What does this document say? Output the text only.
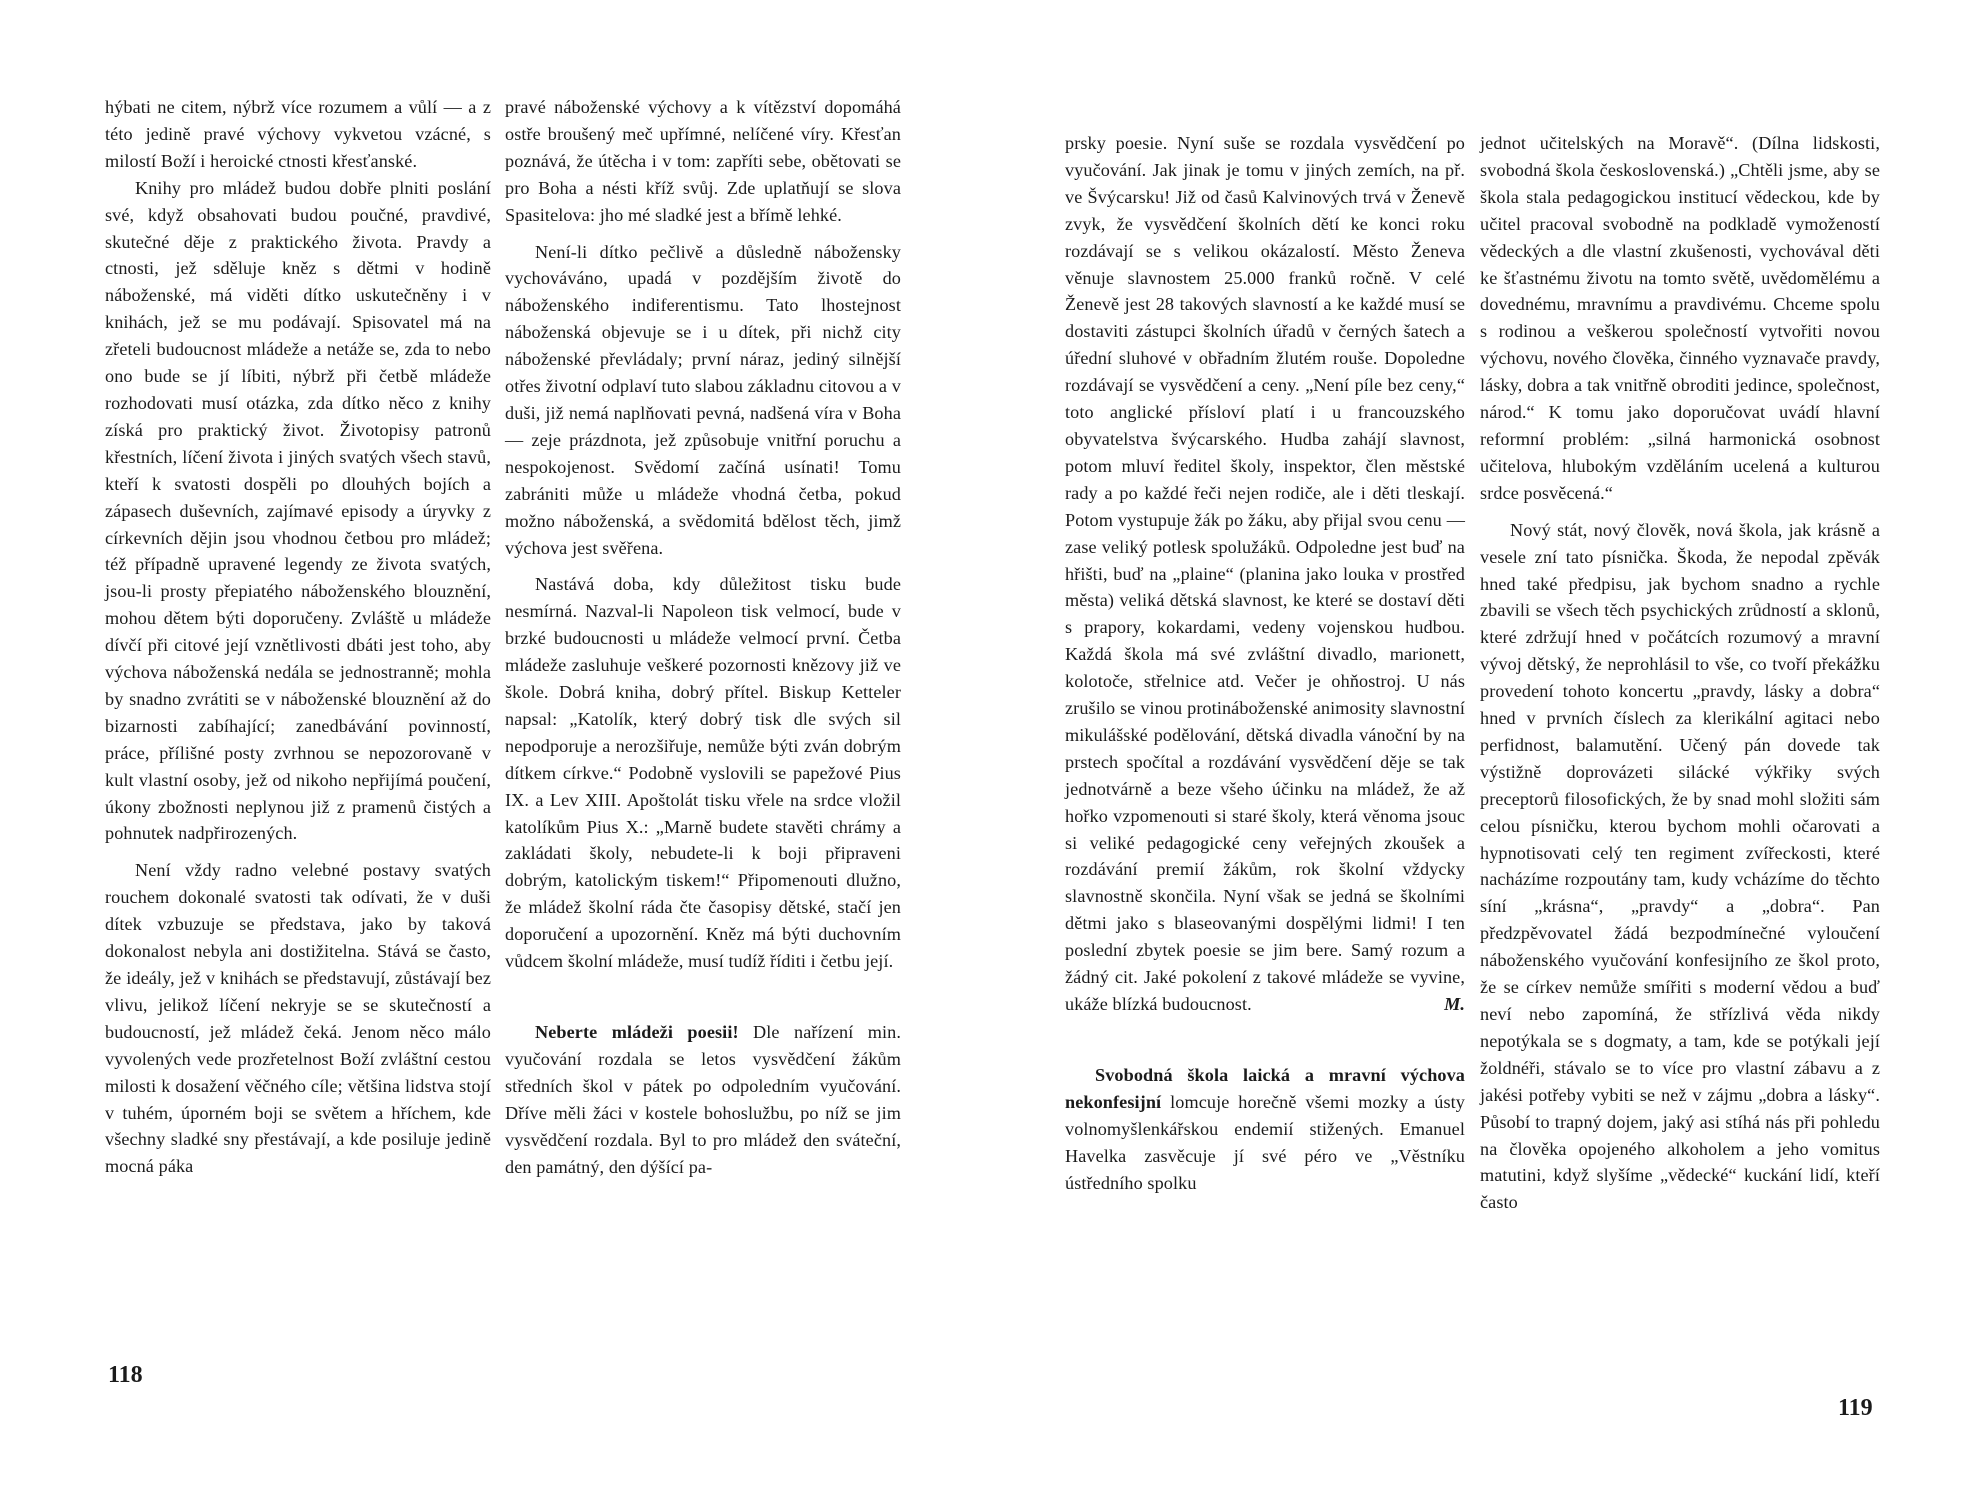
hýbati ne citem, nýbrž více rozumem a vůlí — a z této jedině pravé výchovy vykvetou vzácné, s milostí Boží i heroické ctnosti křesťanské.

Knihy pro mládež budou dobře plniti poslání své, když obsahovati budou poučné, pravdivé, skutečné děje z praktického života. Pravdy a ctnosti, jež sděluje kněz s dětmi v hodině náboženské, má viděti dítko uskutečněny i v knihách, jež se mu podávají. Spisovatel má na zřeteli budoucnost mládeže a netáže se, zda to nebo ono bude se jí líbiti, nýbrž při četbě mládeže rozhodovati musí otázka, zda dítko něco z knihy získá pro praktický život. Životopisy patronů křestních, líčení života i jiných svatých všech stavů, kteří k svatosti dospěli po dlouhých bojích a zápasech duševních, zajímavé episody a úryvky z církevních dějin jsou vhodnou četbou pro mládež; též případně upravené legendy ze života svatých, jsou-li prosty přepiatého náboženského blouznění, mohou dětem býti doporučeny. Zvláště u mládeže dívčí při citové její vznětlivosti dbáti jest toho, aby výchova náboženská nedála se jednostranně; mohla by snadno zvrátiti se v náboženské blouznění až do bizarnosti zabíhající; zanedbávání povinností, práce, přílišné posty zvrhnou se nepozorovaně v kult vlastní osoby, jež od nikoho nepřijímá poučení, úkony zbožnosti neplynou již z pramenů čistých a pohnutek nadpřirozených.

Není vždy radno velebné postavy svatých rouchem dokonalé svatosti tak odívati, že v duši dítek vzbuzuje se představa, jako by taková dokonalost nebyla ani dostižitelna. Stává se často, že ideály, jež v knihách se představují, zůstávají bez vlivu, jelikož líčení nekryje se se skutečností a budoucností, jež mládež čeká. Jenom něco málo vyvolených vede prozřetelnost Boží zvláštní cestou milosti k dosažení věčného cíle; většina lidstva stojí v tuhém, úporném boji se světem a hříchem, kde všechny sladké sny přestávají, a kde posiluje jedině mocná páka

pravé náboženské výchovy a k vítězství dopomáhá ostře broušený meč upřímné, nelíčené víry. Křesťan poznává, že útěcha i v tom: zapříti sebe, obětovati se pro Boha a nésti kříž svůj. Zde uplatňují se slova Spasitelova: jho mé sladké jest a břímě lehké.

Není-li dítko pečlivě a důsledně nábožensky vychováváno, upadá v pozdějším životě do náboženského indiferentismu. Tato lhostejnost náboženská objevuje se i u dítek, při nichž city náboženské převládaly; první náraz, jediný silnější otřes životní odplaví tuto slabou základnu citovou a v duši, již nemá naplňovati pevná, nadšená víra v Boha — zeje prázdnota, jež způsobuje vnitřní poruchu a nespokojenost. Svědomí začíná usínati! Tomu zabrániti může u mládeže vhodná četba, pokud možno náboženská, a svědomitá bdělost těch, jimž výchova jest svěřena.

Nastává doba, kdy důležitost tisku bude nesmírná. Nazval-li Napoleon tisk velmocí, bude v brzké budoucnosti u mládeže velmocí první. Četba mládeže zasluhuje veškeré pozornosti knězovy již ve škole. Dobrá kniha, dobrý přítel. Biskup Ketteler napsal: „Katolík, který dobrý tisk dle svých sil nepodporuje a nerozšiřuje, nemůže býti zván dobrým dítkem církve.“ Podobně vyslovili se papežové Pius IX. a Lev XIII. Apoštolát tisku vřele na srdce vložil katolíkům Pius X.: „Marně budete stavěti chrámy a zakládati školy, nebudete-li k boji připraveni dobrým, katolickým tiskem!“ Připomenouti dlužno, že mládež školní ráda čte časopisy dětské, stačí jen doporučení a upozornění. Kněz má býti duchovním vůdcem školní mládeže, musí tudíž říditi i četbu její.

Neberte mládeži poesii! Dle nařízení min. vyučování rozdala se letos vysvědčení žákům středních škol v pátek po odpoledním vyučování. Dříve měli žáci v kostele bohoslužbu, po níž se jim vysvědčení rozdala. Byl to pro mládež den sváteční, den památný, den dýšící pa-

118

prsky poesie. Nyní suše se rozdala vysvědčení po vyučování. Jak jinak je tomu v jiných zemích, na př. ve Švýcarsku! Již od časů Kalvinových trvá v Ženevě zvyk, že vysvědčení školních dětí ke konci roku rozdávají se s velikou okázalostí. Město Ženeva věnuje slavnostem 25.000 franků ročně. V celé Ženevě jest 28 takových slavností a ke každé musí se dostaviti zástupci školních úřadů v černých šatech a úřední sluhové v obřadním žlutém rouše. Dopoledne rozdávají se vysvědčení a ceny. „Není píle bez ceny,“ toto anglické přísloví platí i u francouzského obyvatelstva švýcarského. Hudba zahájí slavnost, potom mluví ředitel školy, inspektor, člen městské rady a po každé řeči nejen rodiče, ale i děti tleskají. Potom vystupuje žák po žáku, aby přijal svou cenu — zase veliký potlesk spolužáků. Odpoledne jest buď na hřišti, buď na „plaine“ (planina jako louka v prostřed města) veliká dětská slavnost, ke které se dostaví děti s prapory, kokardami, vedeny vojenskou hudbou. Každá škola má své zvláštní divadlo, marionett, kolotoče, střelnice atd. Večer je ohňostroj. U nás zrušilo se vinou protináboženské animosity slavnostní mikulášské podělování, dětská divadla vánoční by na prstech spočítal a rozdávání vysvědčení děje se tak jednotvárně a beze všeho účinku na mládež, že až hořko vzpomenouti si staré školy, která věnoma jsouc si veliké pedagogické ceny veřejných zkoušek a rozdávání premií žákům, rok školní vždycky slavnostně skončila. Nyní však se jedná se školními dětmi jako s blaseovanými dospělými lidmi! I ten poslední zbytek poesie se jim bere. Samý rozum a žádný cit. Jaké pokolení z takové mládeže se vyvine, ukáže blízká budoucnost.	M.

Svobodná škola laická a mravní výchova nekonfesijní lomcuje horečně všemi mozky a ústy volnomyšlenkářskou endemií stižených. Emanuel Havelka zasvěcuje jí své péro ve „Věstníku ústředního spolku

jednot učitelských na Moravě“. (Dílna lidskosti, svobodná škola československá.) „Chtěli jsme, aby se škola stala pedagogickou institucí vědeckou, kde by učitel pracoval svobodně na podkladě vymožeností vědeckých a dle vlastní zkušenosti, vychovával děti ke šťastnému životu na tomto světě, uvědomělému a dovednému, mravnímu a pravdivému. Chceme spolu s rodinou a veškerou společností vytvořiti novou výchovu, nového člověka, činného vyznavače pravdy, lásky, dobra a tak vnitřně obroditi jedince, společnost, národ.“ K tomu jako doporučovat uvádí hlavní reformní problém: „silná harmonická osobnost učitelova, hlubokým vzděláním ucelená a kulturou srdce posvěcená.“

Nový stát, nový člověk, nová škola, jak krásně a vesele zní tato písnička. Škoda, že nepodal zpěvák hned také předpisu, jak bychom snadno a rychle zbavili se všech těch psychických zrůdností a sklonů, které zdržují hned v počátcích rozumový a mravní vývoj dětský, že neprohlásil to vše, co tvoří překážku provedení tohoto koncertu „pravdy, lásky a dobra“ hned v prvních číslech za klerikální agitaci nebo perfidnost, balamutění. Učený pán dovede tak výstižně doprovázeti silácké výkřiky svých preceptorů filosofických, že by snad mohl složiti sám celou písničku, kterou bychom mohli očarovati a hypnotisovati celý ten regiment zvířeckosti, které nacházíme rozpoutány tam, kudy vcházíme do těchto síní „krásna“, „pravdy“ a „dobra“. Pan předzpěvovatel žádá bezpodmínečné vyloučení náboženského vyučování konfesijního ze škol proto, že se církev nemůže smířiti s moderní vědou a buď neví nebo zapomíná, že střízlivá věda nikdy nepotýkala se s dogmaty, a tam, kde se potýkali její žoldnéři, stávalo se to více pro vlastní zábavu a z jakési potřeby vybiti se než v zájmu „dobra a lásky“. Působí to trapný dojem, jaký asi stíhá nás při pohledu na člověka opojeného alkoholem a jeho vomitus matutini, když slyšíme „vědecké“ kuckání lidí, kteří často

119
